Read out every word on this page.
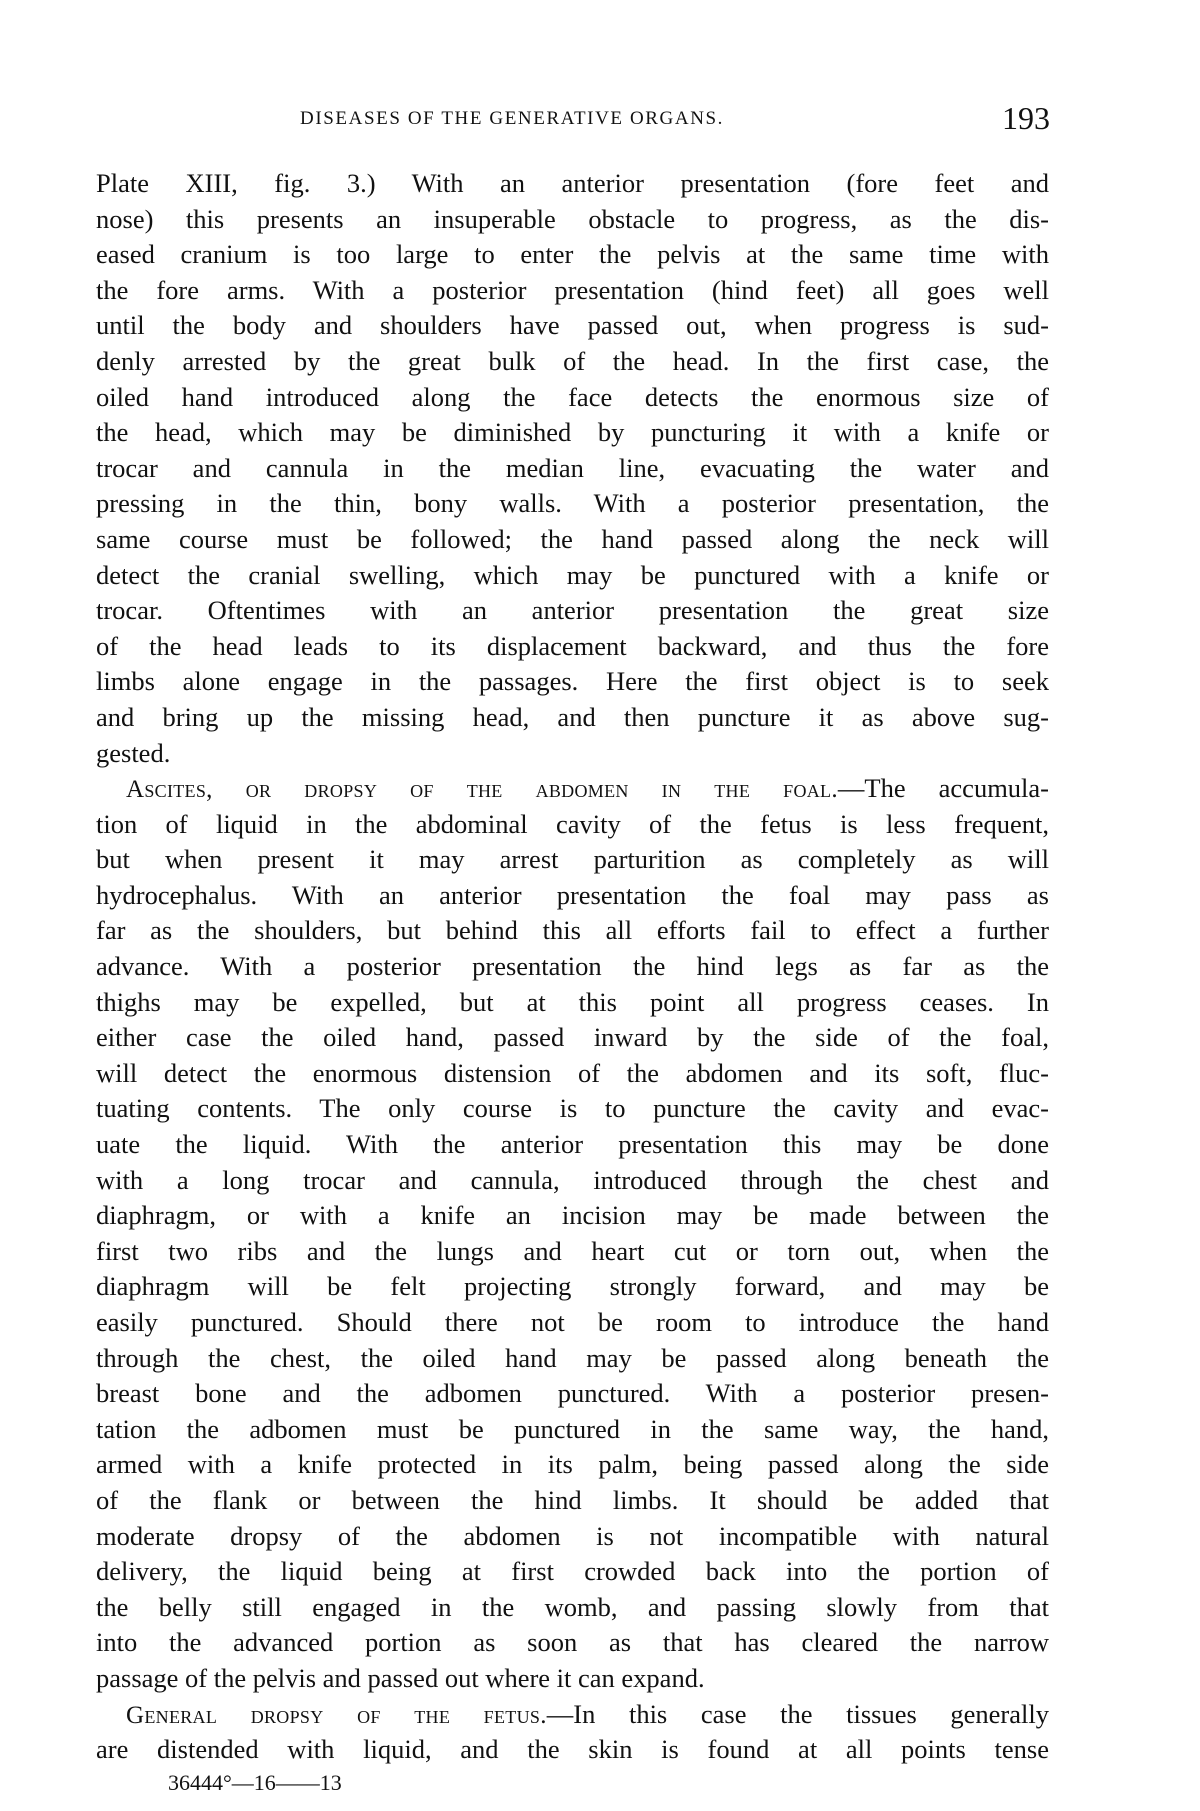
DISEASES OF THE GENERATIVE ORGANS.	193
Plate XIII, fig. 3.) With an anterior presentation (fore feet and
nose) this presents an insuperable obstacle to progress, as the dis-
eased cranium is too large to enter the pelvis at the same time with
the fore arms. With a posterior presentation (hind feet) all goes well
until the body and shoulders have passed out, when progress is sud-
denly arrested by the great bulk of the head. In the first case, the
oiled hand introduced along the face detects the enormous size of
the head, which may be diminished by puncturing it with a knife or
trocar and cannula in the median line, evacuating the water and
pressing in the thin, bony walls. With a posterior presentation, the
same course must be followed; the hand passed along the neck will
detect the cranial swelling, which may be punctured with a knife or
trocar. Oftentimes with an anterior presentation the great size
of the head leads to its displacement backward, and thus the fore
limbs alone engage in the passages. Here the first object is to seek
and bring up the missing head, and then puncture it as above sug-
gested.
Ascites, or dropsy of the abdomen in the foal.—The accumula-
tion of liquid in the abdominal cavity of the fetus is less frequent,
but when present it may arrest parturition as completely as will
hydrocephalus. With an anterior presentation the foal may pass as
far as the shoulders, but behind this all efforts fail to effect a further
advance. With a posterior presentation the hind legs as far as the
thighs may be expelled, but at this point all progress ceases. In
either case the oiled hand, passed inward by the side of the foal,
will detect the enormous distension of the abdomen and its soft, fluc-
tuating contents. The only course is to puncture the cavity and evac-
uate the liquid. With the anterior presentation this may be done
with a long trocar and cannula, introduced through the chest and
diaphragm, or with a knife an incision may be made between the
first two ribs and the lungs and heart cut or torn out, when the
diaphragm will be felt projecting strongly forward, and may be
easily punctured. Should there not be room to introduce the hand
through the chest, the oiled hand may be passed along beneath the
breast bone and the adbomen punctured. With a posterior presen-
tation the adbomen must be punctured in the same way, the hand,
armed with a knife protected in its palm, being passed along the side
of the flank or between the hind limbs. It should be added that
moderate dropsy of the abdomen is not incompatible with natural
delivery, the liquid being at first crowded back into the portion of
the belly still engaged in the womb, and passing slowly from that
into the advanced portion as soon as that has cleared the narrow
passage of the pelvis and passed out where it can expand.
General dropsy of the fetus.—In this case the tissues generally
are distended with liquid, and the skin is found at all points tense
36444°—16——13
